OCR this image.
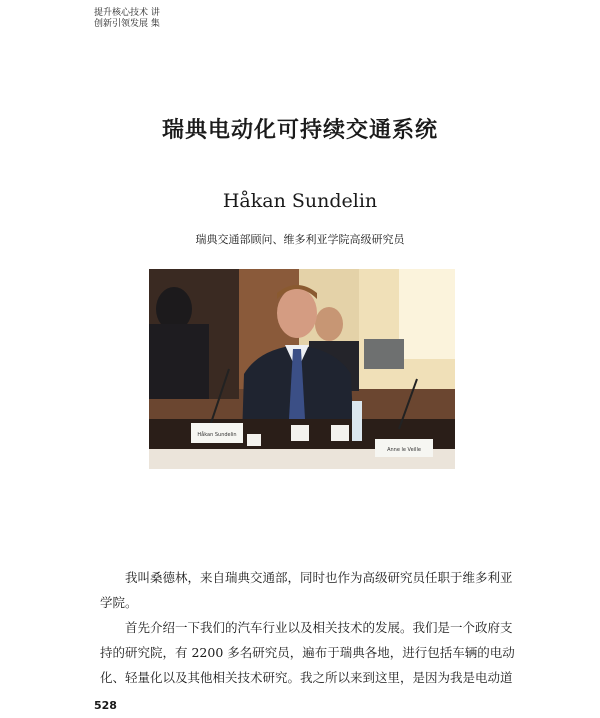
提升核心技术 讲
创新引领发展 集
瑞典电动化可持续交通系统
Håkan Sundelin
瑞典交通部顾问、维多利亚学院高级研究员
Håkan Sundelin
Anne le Veille

我叫桑德林，来自瑞典交通部，同时也作为高级研究员任职于维多利亚学院。

首先介绍一下我们的汽车行业以及相关技术的发展。我们是一个政府支持的研究院，有 2200 多名研究员，遍布于瑞典各地，进行包括车辆的电动化、轻量化以及其他相关技术研究。我之所以来到这里，是因为我是电动道

528
